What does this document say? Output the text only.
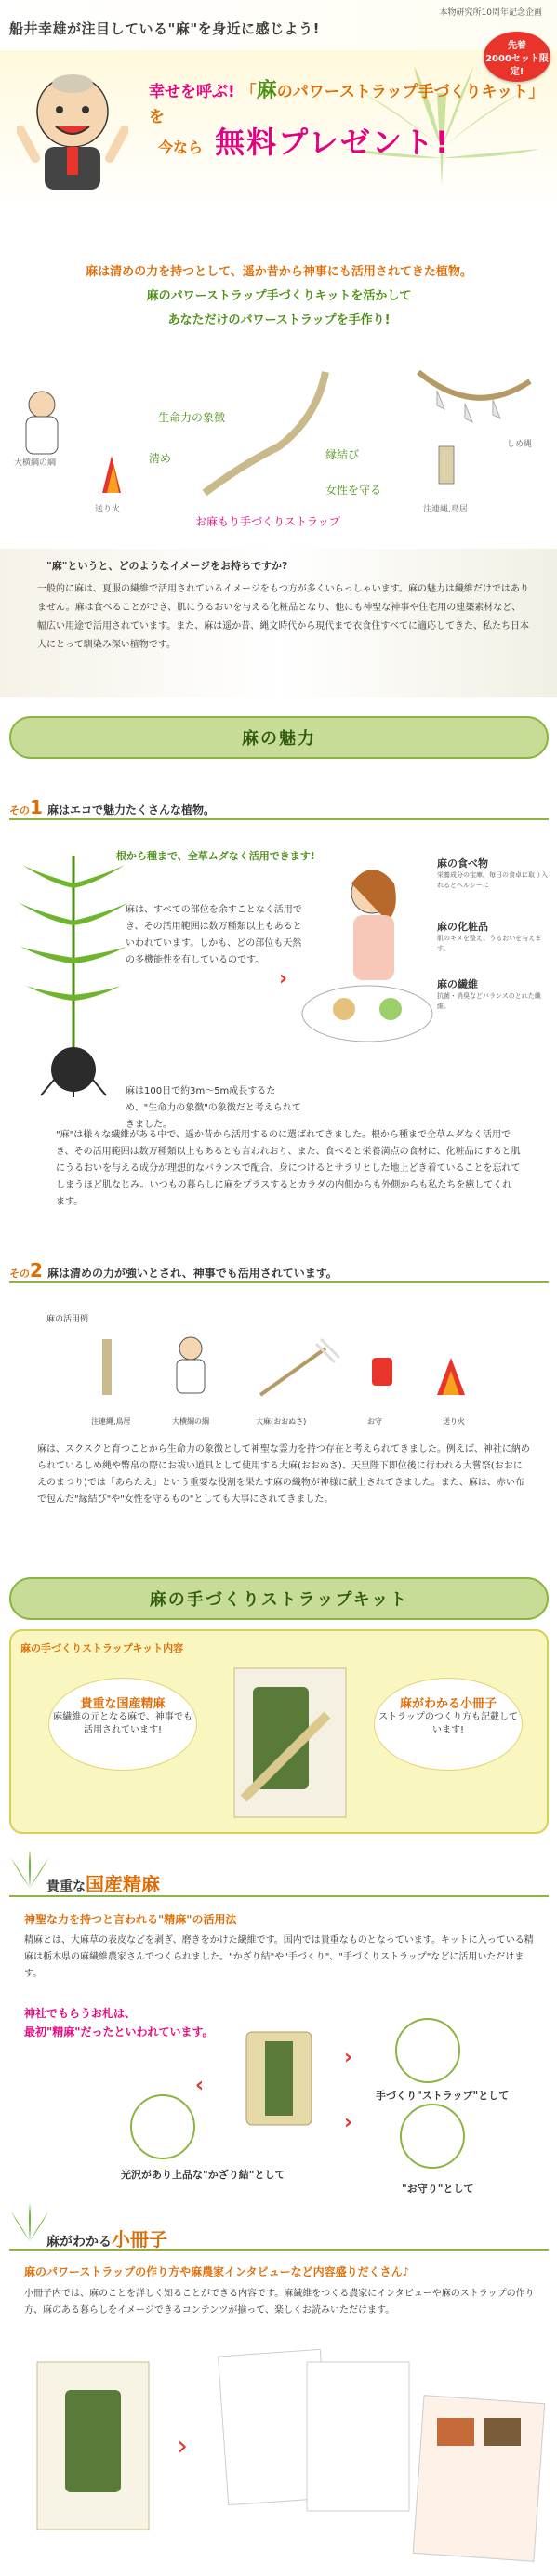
船井幸雄が注目している"麻"を身近に感じよう!
本物研究所10周年記念企画
先着
2000セット限定!
幸せを呼ぶ! 「麻のパワーストラップ手づくりキット」 を
今なら 無料プレゼント!

麻は清めの力を持つとして、遥か昔から神事にも活用されてきた植物。

麻のパワーストラップ手づくりキットを活かして

あなただけのパワーストラップを手作り!

大横綱の綱
送り火
生命力の象徴
清め	縁結び
女性を守る
しめ縄
注連縄,鳥居
お麻もり手づくりストラップ
"麻"というと、どのようなイメージをお持ちですか?
一般的に麻は、夏服の繊維で活用されているイメージをもつ方が多くいらっしゃいます。麻の魅力は繊維だけではありません。麻は食べることができ、肌にうるおいを与える化粧品となり、他にも神聖な神事や住宅用の建築素材など、幅広い用途で活用されています。また、麻は遥か昔、縄文時代から現代まで衣食住すべてに適応してきた、私たち日本人にとって馴染み深い植物です。
麻の魅力
その1 麻はエコで魅力たくさんな植物。
根から種まで、全草ムダなく活用できます!
麻は、すべての部位を余すことなく活用でき、その活用範囲は数万種類以上もあるといわれています。しかも、どの部位も天然の多機能性を有しているのです。
麻は100日で約3m〜5m成長するため、"生命力の象徴"の象徴だと考えられてきました。
›
麻の食べ物
栄養成分の宝庫。毎日の食卓に取り入れるとヘルシーに
麻の化粧品
肌のキメを整え、うるおいを与えます。
麻の繊維
抗菌・消臭などバランスのとれた繊維。
"麻"は様々な繊維がある中で、遥か昔から活用するのに選ばれてきました。根から種まで全草ムダなく活用でき、その活用範囲は数万種類以上もあるとも言われおり、また、食べると栄養満点の食材に、化粧品にすると肌にうるおいを与える成分が理想的なバランスで配合、身につけるとサラリとした地上どき着ていることを忘れてしまうほど肌なじみ。いつもの暮らしに麻をプラスするとカラダの内側からも外側からも私たちを癒してくれます。
その2 麻は清めの力が強いとされ、神事でも活用されています。
麻の活用例
注連縄,鳥居	大横綱の綱	大麻(おおぬさ)	お守	送り火
麻は、スクスクと育つことから生命力の象徴として神聖な霊力を持つ存在と考えられてきました。例えば、神社に納められているしめ縄や幣帛の際にお祓い道具として使用する大麻(おおぬさ)、天皇陛下即位後に行われる大嘗祭(おおにえのまつり)では「あらたえ」という重要な役割を果たす麻の織物が神様に献上されてきました。また、麻は、赤い布で包んだ"縁結び"や"女性を守るもの"としても大事にされてきました。
麻の手づくりストラップキット
麻の手づくりストラップキット内容
貴重な国産精麻
麻繊維の元となる麻で、神事でも活用されています!
麻がわかる小冊子
ストラップのつくり方も記載しています!
貴重な国産精麻
神聖な力を持つと言われる"精麻"の活用法
精麻とは、大麻草の表皮などを剥ぎ、磨きをかけた繊維です。国内では貴重なものとなっています。キットに入っている精麻は栃木県の麻繊維農家さんでつくられました。"かざり結"や"手づくり"、"手づくりストラップ"などに活用いただけます。
神社でもらうお札は、
最初"精麻"だったといわれています。
›
‹
›
手づくり"ストラップ"として
光沢があり上品な"かざり結"として
"お守り"として
麻がわかる小冊子
麻のパワーストラップの作り方や麻農家インタビューなど内容盛りだくさん♪
小冊子内では、麻のことを詳しく知ることができる内容です。麻繊維をつくる農家にインタビューや麻のストラップの作り方、麻のある暮らしをイメージできるコンテンツが揃って、楽しくお読みいただけます。
›
